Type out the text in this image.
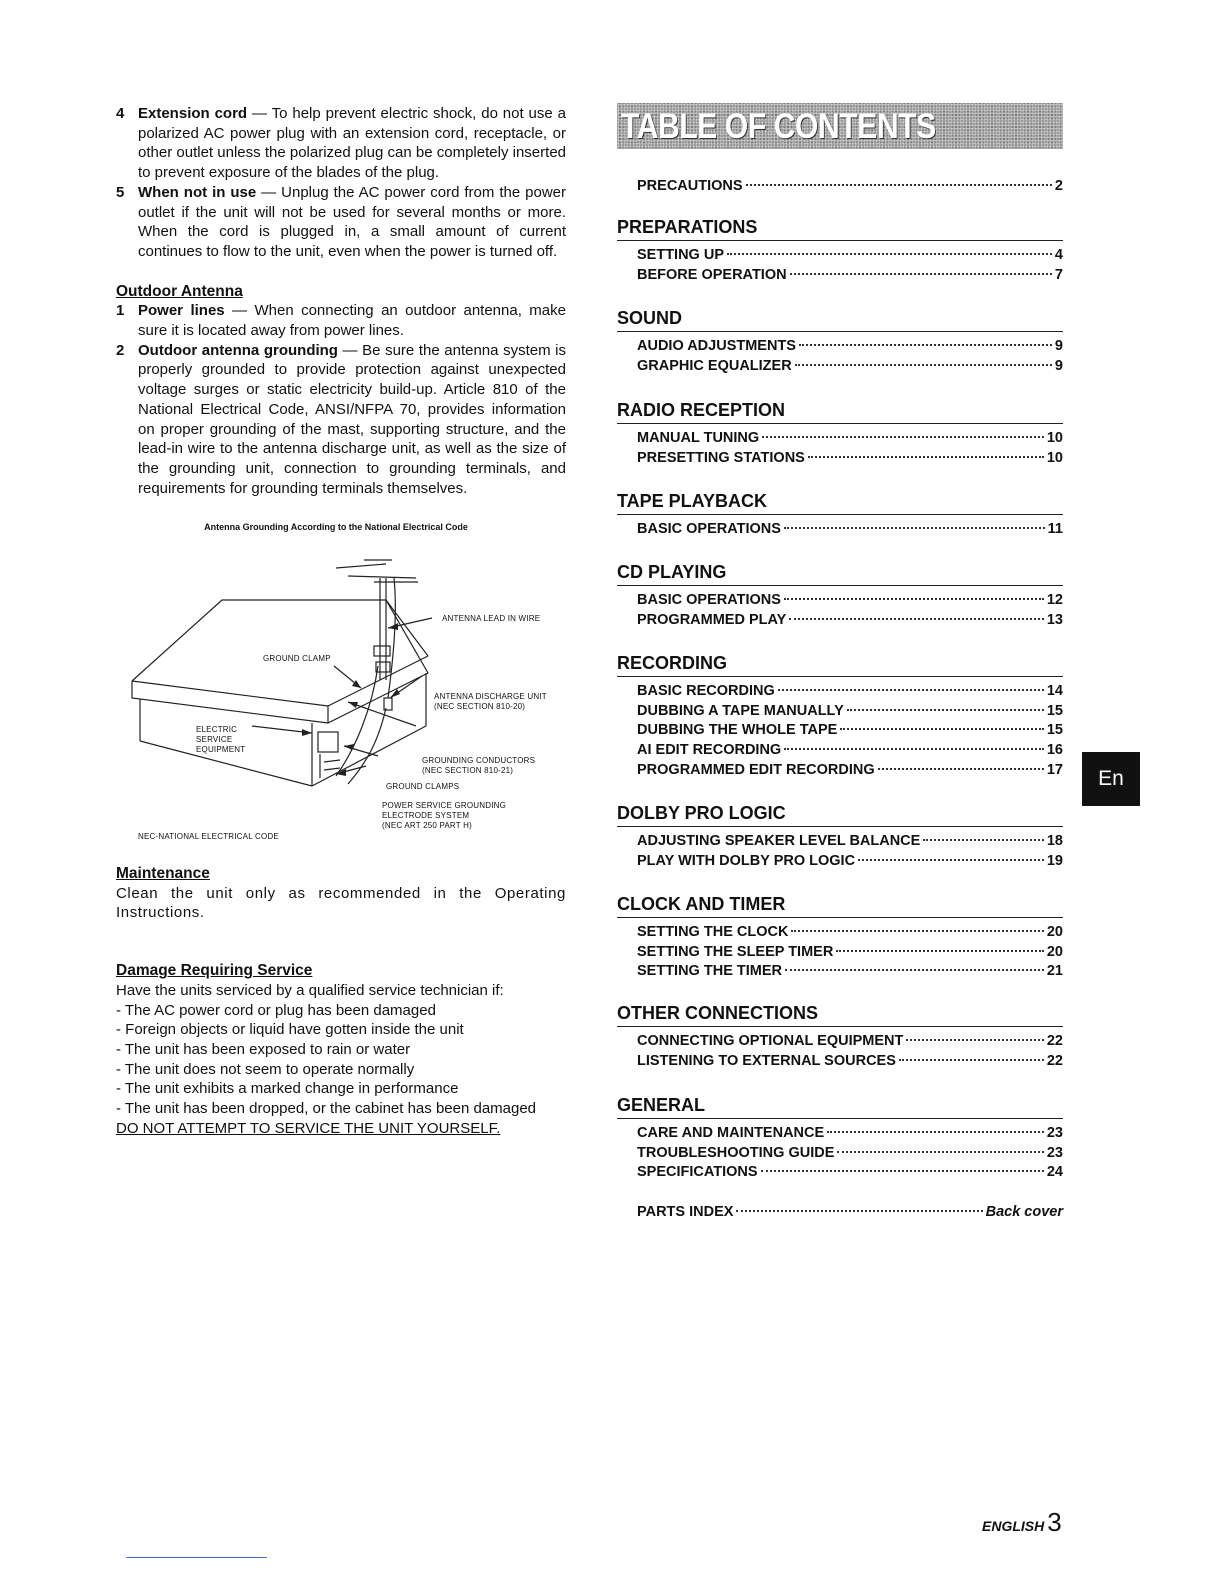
4 Extension cord — To help prevent electric shock, do not use a polarized AC power plug with an extension cord, receptacle, or other outlet unless the polarized plug can be completely inserted to prevent exposure of the blades of the plug.
5 When not in use — Unplug the AC power cord from the power outlet if the unit will not be used for several months or more. When the cord is plugged in, a small amount of current continues to flow to the unit, even when the power is turned off.

Outdoor Antenna

1 Power lines — When connecting an outdoor antenna, make sure it is located away from power lines.
2 Outdoor antenna grounding — Be sure the antenna system is properly grounded to provide protection against unexpected voltage surges or static electricity build-up. Article 810 of the National Electrical Code, ANSI/NFPA 70, provides information on proper grounding of the mast, supporting structure, and the lead-in wire to the antenna discharge unit, as well as the size of the grounding unit, connection to grounding terminals, and requirements for grounding terminals themselves.
Antenna Grounding According to the National Electrical Code
ANTENNA LEAD IN WIRE
GROUND CLAMP
ANTENNA DISCHARGE UNIT
(NEC SECTION 810-20)
ELECTRIC
SERVICE
EQUIPMENT
GROUNDING CONDUCTORS
(NEC SECTION 810-21)
GROUND CLAMPS
POWER SERVICE GROUNDING
ELECTRODE SYSTEM
(NEC ART 250 PART H)
NEC-NATIONAL ELECTRICAL CODE

Maintenance

Clean the unit only as recommended in the Operating Instructions.

Damage Requiring Service

Have the units serviced by a qualified service technician if:

- The AC power cord or plug has been damaged
- Foreign objects or liquid have gotten inside the unit
- The unit has been exposed to rain or water
- The unit does not seem to operate normally
- The unit exhibits a marked change in performance
- The unit has been dropped, or the cabinet has been damaged

DO NOT ATTEMPT TO SERVICE THE UNIT YOURSELF.

TABLE OF CONTENTS
PRECAUTIONS	2
PREPARATIONS
SETTING UP	4
BEFORE OPERATION	7
SOUND
AUDIO ADJUSTMENTS	9
GRAPHIC EQUALIZER	9
RADIO RECEPTION
MANUAL TUNING	10
PRESETTING STATIONS	10
TAPE PLAYBACK
BASIC OPERATIONS	11
CD PLAYING
BASIC OPERATIONS	12
PROGRAMMED PLAY	13
RECORDING
BASIC RECORDING	14
DUBBING A TAPE MANUALLY	15
DUBBING THE WHOLE TAPE	15
AI EDIT RECORDING	16
PROGRAMMED EDIT RECORDING	17
DOLBY PRO LOGIC
ADJUSTING SPEAKER LEVEL BALANCE	18
PLAY WITH DOLBY PRO LOGIC	19
CLOCK AND TIMER
SETTING THE CLOCK	20
SETTING THE SLEEP TIMER	20
SETTING THE TIMER	21
OTHER CONNECTIONS
CONNECTING OPTIONAL EQUIPMENT	22
LISTENING TO EXTERNAL SOURCES	22
GENERAL
CARE AND MAINTENANCE	23
TROUBLESHOOTING GUIDE	23
SPECIFICATIONS	24
PARTS INDEX	Back cover
En
ENGLISH 3
